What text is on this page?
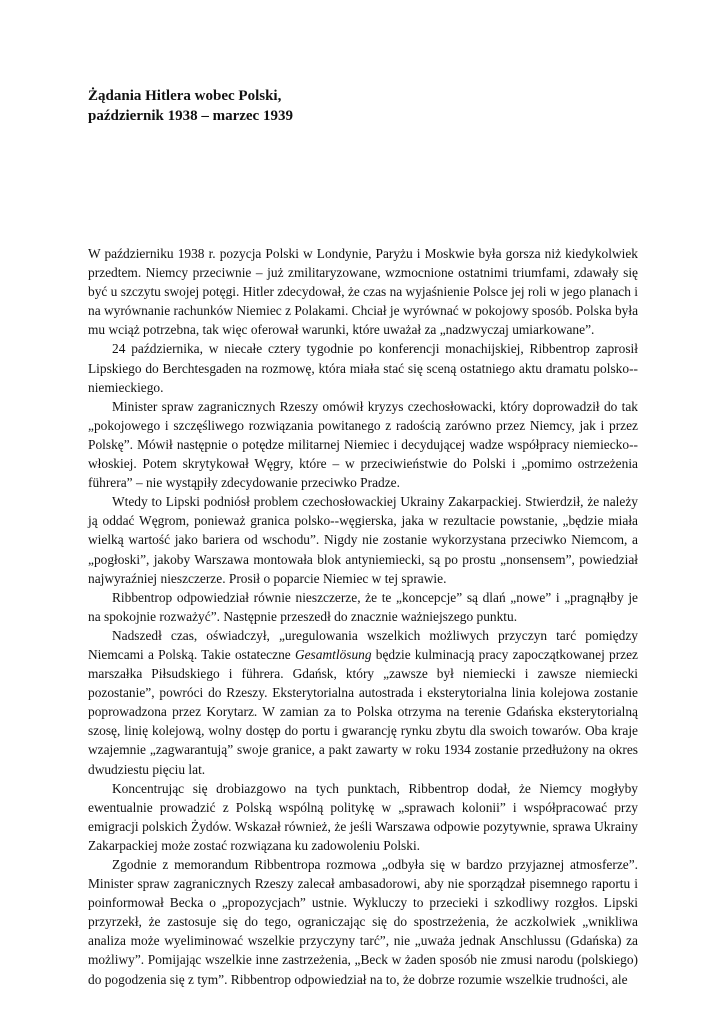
Żądania Hitlera wobec Polski,
październik 1938 – marzec 1939

W październiku 1938 r. pozycja Polski w Londynie, Paryżu i Moskwie była gorsza niż kiedykolwiek przedtem. Niemcy przeciwnie – już zmilitaryzowane, wzmocnione ostatnimi triumfami, zdawały się być u szczytu swojej potęgi. Hitler zdecydował, że czas na wyjaśnienie Polsce jej roli w jego planach i na wyrównanie rachunków Niemiec z Polakami. Chciał je wyrównać w pokojowy sposób. Polska była mu wciąż potrzebna, tak więc oferował warunki, które uważał za „nadzwyczaj umiarkowane”.

24 października, w niecałe cztery tygodnie po konferencji monachijskiej, Ribbentrop zaprosił Lipskiego do Berchtesgaden na rozmowę, która miała stać się sceną ostatniego aktu dramatu polsko--niemieckiego.

Minister spraw zagranicznych Rzeszy omówił kryzys czechosłowacki, który doprowadził do tak „pokojowego i szczęśliwego rozwiązania powitanego z radością zarówno przez Niemcy, jak i przez Polskę”. Mówił następnie o potędze militarnej Niemiec i decydującej wadze współpracy niemiecko--włoskiej. Potem skrytykował Węgry, które – w przeciwieństwie do Polski i „pomimo ostrzeżenia führera” – nie wystąpiły zdecydowanie przeciwko Pradze.

Wtedy to Lipski podniósł problem czechosłowackiej Ukrainy Zakarpackiej. Stwierdził, że należy ją oddać Węgrom, ponieważ granica polsko--węgierska, jaka w rezultacie powstanie, „będzie miała wielką wartość jako bariera od wschodu”. Nigdy nie zostanie wykorzystana przeciwko Niemcom, a „pogłoski”, jakoby Warszawa montowała blok antyniemiecki, są po prostu „nonsensem”, powiedział najwyraźniej nieszczerze. Prosił o poparcie Niemiec w tej sprawie.

Ribbentrop odpowiedział równie nieszczerze, że te „koncepcje” są dlań „nowe” i „pragnąłby je na spokojnie rozważyć”. Następnie przeszedł do znacznie ważniejszego punktu.

Nadszedł czas, oświadczył, „uregulowania wszelkich możliwych przyczyn tarć pomiędzy Niemcami a Polską. Takie ostateczne Gesamtlösung będzie kulminacją pracy zapoczątkowanej przez marszałka Piłsudskiego i führera. Gdańsk, który „zawsze był niemiecki i zawsze niemiecki pozostanie”, powróci do Rzeszy. Eksterytorialna autostrada i eksterytorialna linia kolejowa zostanie poprowadzona przez Korytarz. W zamian za to Polska otrzyma na terenie Gdańska eksterytorialną szosę, linię kolejową, wolny dostęp do portu i gwarancję rynku zbytu dla swoich towarów. Oba kraje wzajemnie „zagwarantują” swoje granice, a pakt zawarty w roku 1934 zostanie przedłużony na okres dwudziestu pięciu lat.

Koncentrując się drobiazgowo na tych punktach, Ribbentrop dodał, że Niemcy mogłyby ewentualnie prowadzić z Polską wspólną politykę w „sprawach kolonii” i współpracować przy emigracji polskich Żydów. Wskazał również, że jeśli Warszawa odpowie pozytywnie, sprawa Ukrainy Zakarpackiej może zostać rozwiązana ku zadowoleniu Polski.

Zgodnie z memorandum Ribbentropa rozmowa „odbyła się w bardzo przyjaznej atmosferze”. Minister spraw zagranicznych Rzeszy zalecał ambasadorowi, aby nie sporządzał pisemnego raportu i poinformował Becka o „propozycjach” ustnie. Wykluczy to przecieki i szkodliwy rozgłos. Lipski przyrzekł, że zastosuje się do tego, ograniczając się do spostrzeżenia, że aczkolwiek „wnikliwa analiza może wyeliminować wszelkie przyczyny tarć”, nie „uważa jednak Anschlussu (Gdańska) za możliwy”. Pomijając wszelkie inne zastrzeżenia, „Beck w żaden sposób nie zmusi narodu (polskiego) do pogodzenia się z tym”. Ribbentrop odpowiedział na to, że dobrze rozumie wszelkie trudności, ale
